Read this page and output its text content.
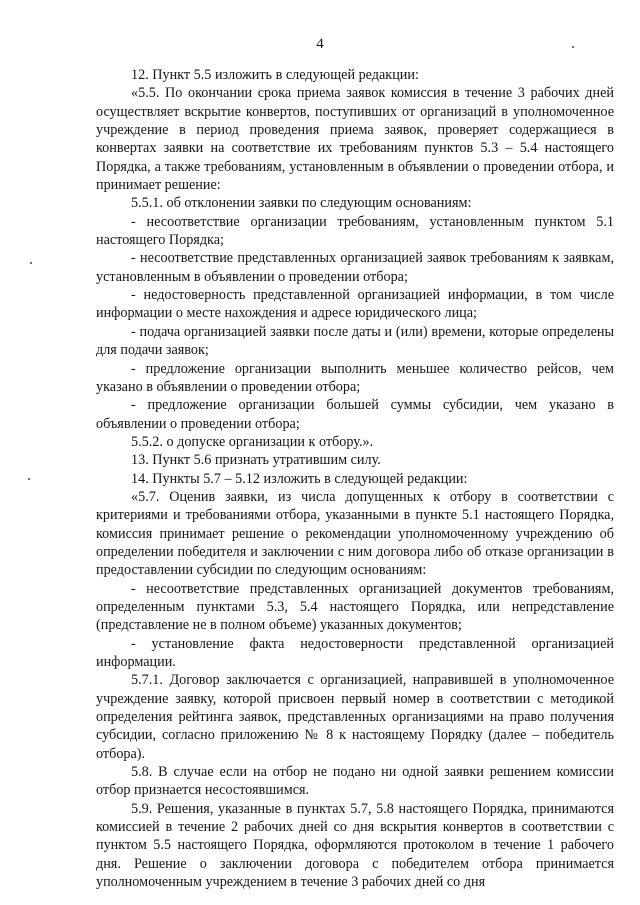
4

12. Пункт 5.5 изложить в следующей редакции:

«5.5. По окончании срока приема заявок комиссия в течение 3 рабочих дней осуществляет вскрытие конвертов, поступивших от организаций в уполномоченное учреждение в период проведения приема заявок, проверяет содержащиеся в конвертах заявки на соответствие их требованиям пунктов 5.3 – 5.4 настоящего Порядка, а также требованиям, установленным в объявлении о проведении отбора, и принимает решение:

5.5.1. об отклонении заявки по следующим основаниям:

- несоответствие организации требованиям, установленным пунктом 5.1 настоящего Порядка;

- несоответствие представленных организацией заявок требованиям к заявкам, установленным в объявлении о проведении отбора;

- недостоверность представленной организацией информации, в том числе информации о месте нахождения и адресе юридического лица;

- подача организацией заявки после даты и (или) времени, которые определены для подачи заявок;

- предложение организации выполнить меньшее количество рейсов, чем указано в объявлении о проведении отбора;

- предложение организации большей суммы субсидии, чем указано в объявлении о проведении отбора;

5.5.2. о допуске организации к отбору.».

13. Пункт 5.6 признать утратившим силу.

14. Пункты 5.7 – 5.12 изложить в следующей редакции:

«5.7. Оценив заявки, из числа допущенных к отбору в соответствии с критериями и требованиями отбора, указанными в пункте 5.1 настоящего Порядка, комиссия принимает решение о рекомендации уполномоченному учреждению об определении победителя и заключении с ним договора либо об отказе организации в предоставлении субсидии по следующим основаниям:

- несоответствие представленных организацией документов требованиям, определенным пунктами 5.3, 5.4 настоящего Порядка, или непредставление (представление не в полном объеме) указанных документов;

- установление факта недостоверности представленной организацией информации.

5.7.1. Договор заключается с организацией, направившей в уполномоченное учреждение заявку, которой присвоен первый номер в соответствии с методикой определения рейтинга заявок, представленных организациями на право получения субсидии, согласно приложению № 8 к настоящему Порядку (далее – победитель отбора).

5.8. В случае если на отбор не подано ни одной заявки решением комиссии отбор признается несостоявшимся.

5.9. Решения, указанные в пунктах 5.7, 5.8 настоящего Порядка, принимаются комиссией в течение 2 рабочих дней со дня вскрытия конвертов в соответствии с пунктом 5.5 настоящего Порядка, оформляются протоколом в течение 1 рабочего дня. Решение о заключении договора с победителем отбора принимается уполномоченным учреждением в течение 3 рабочих дней со дня
